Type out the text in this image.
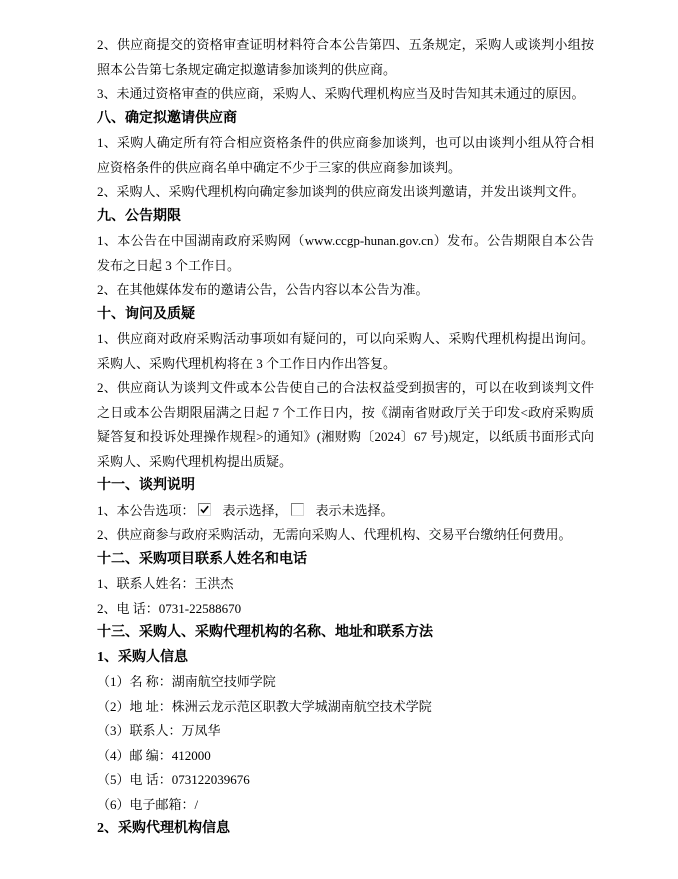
2、供应商提交的资格审查证明材料符合本公告第四、五条规定，采购人或谈判小组按照本公告第七条规定确定拟邀请参加谈判的供应商。

3、未通过资格审查的供应商，采购人、采购代理机构应当及时告知其未通过的原因。

八、确定拟邀请供应商

1、采购人确定所有符合相应资格条件的供应商参加谈判，也可以由谈判小组从符合相应资格条件的供应商名单中确定不少于三家的供应商参加谈判。

2、采购人、采购代理机构向确定参加谈判的供应商发出谈判邀请，并发出谈判文件。

九、公告期限

1、本公告在中国湖南政府采购网（www.ccgp-hunan.gov.cn）发布。公告期限自本公告发布之日起 3 个工作日。

2、在其他媒体发布的邀请公告，公告内容以本公告为准。

十、询问及质疑

1、供应商对政府采购活动事项如有疑问的，可以向采购人、采购代理机构提出询问。采购人、采购代理机构将在 3 个工作日内作出答复。

2、供应商认为谈判文件或本公告使自己的合法权益受到损害的，可以在收到谈判文件之日或本公告期限届满之日起 7 个工作日内，按《湖南省财政厅关于印发<政府采购质疑答复和投诉处理操作规程>的通知》(湘财购〔2024〕67 号)规定，以纸质书面形式向采购人、采购代理机构提出质疑。

十一、谈判说明

1、本公告选项： 表示选择， 表示未选择。

2、供应商参与政府采购活动，无需向采购人、代理机构、交易平台缴纳任何费用。

十二、采购项目联系人姓名和电话

1、联系人姓名：王洪杰

2、电 话：0731-22588670

十三、采购人、采购代理机构的名称、地址和联系方法

1、采购人信息

（1）名 称：湖南航空技师学院

（2）地 址：株洲云龙示范区职教大学城湖南航空技术学院

（3）联系人：万凤华

（4）邮 编：412000

（5）电 话：073122039676

（6）电子邮箱：/

2、采购代理机构信息
